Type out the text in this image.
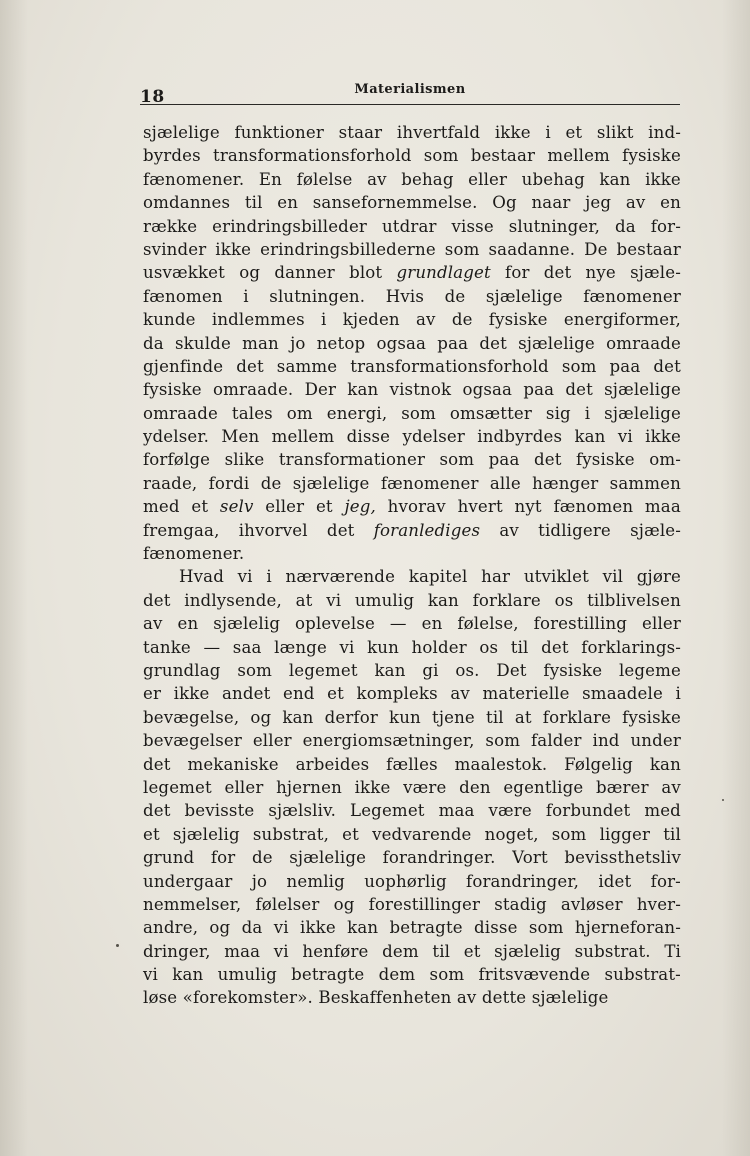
18	Materialismen
sjælelige funktioner staar ihvertfald ikke i et slikt ind-
byrdes transformationsforhold som bestaar mellem fysiske
fænomener. En følelse av behag eller ubehag kan ikke
omdannes til en sansefornemmelse. Og naar jeg av en
række erindringsbilleder utdrar visse slutninger, da for-
svinder ikke erindringsbillederne som saadanne. De bestaar
usvækket og danner blot grundlaget for det nye sjæle-
fænomen i slutningen. Hvis de sjælelige fænomener
kunde indlemmes i kjeden av de fysiske energiformer,
da skulde man jo netop ogsaa paa det sjælelige omraade
gjenfinde det samme transformationsforhold som paa det
fysiske omraade. Der kan vistnok ogsaa paa det sjælelige
omraade tales om energi, som omsætter sig i sjælelige
ydelser. Men mellem disse ydelser indbyrdes kan vi ikke
forfølge slike transformationer som paa det fysiske om-
raade, fordi de sjælelige fænomener alle hænger sammen
med et selv eller et jeg, hvorav hvert nyt fænomen maa
fremgaa, ihvorvel det foranlediges av tidligere sjæle-
fænomener.
Hvad vi i nærværende kapitel har utviklet vil gjøre
det indlysende, at vi umulig kan forklare os tilblivelsen
av en sjælelig oplevelse — en følelse, forestilling eller
tanke — saa længe vi kun holder os til det forklarings-
grundlag som legemet kan gi os. Det fysiske legeme
er ikke andet end et kompleks av materielle smaadele i
bevægelse, og kan derfor kun tjene til at forklare fysiske
bevægelser eller energiomsætninger, som falder ind under
det mekaniske arbeides fælles maalestok. Følgelig kan
legemet eller hjernen ikke være den egentlige bærer av
det bevisste sjælsliv. Legemet maa være forbundet med
et sjælelig substrat, et vedvarende noget, som ligger til
grund for de sjælelige forandringer. Vort bevissthetsliv
undergaar jo nemlig uophørlig forandringer, idet for-
nemmelser, følelser og forestillinger stadig avløser hver-
andre, og da vi ikke kan betragte disse som hjerneforan-
dringer, maa vi henføre dem til et sjælelig substrat. Ti
vi kan umulig betragte dem som fritsvævende substrat-
løse «forekomster». Beskaffenheten av dette sjælelige
